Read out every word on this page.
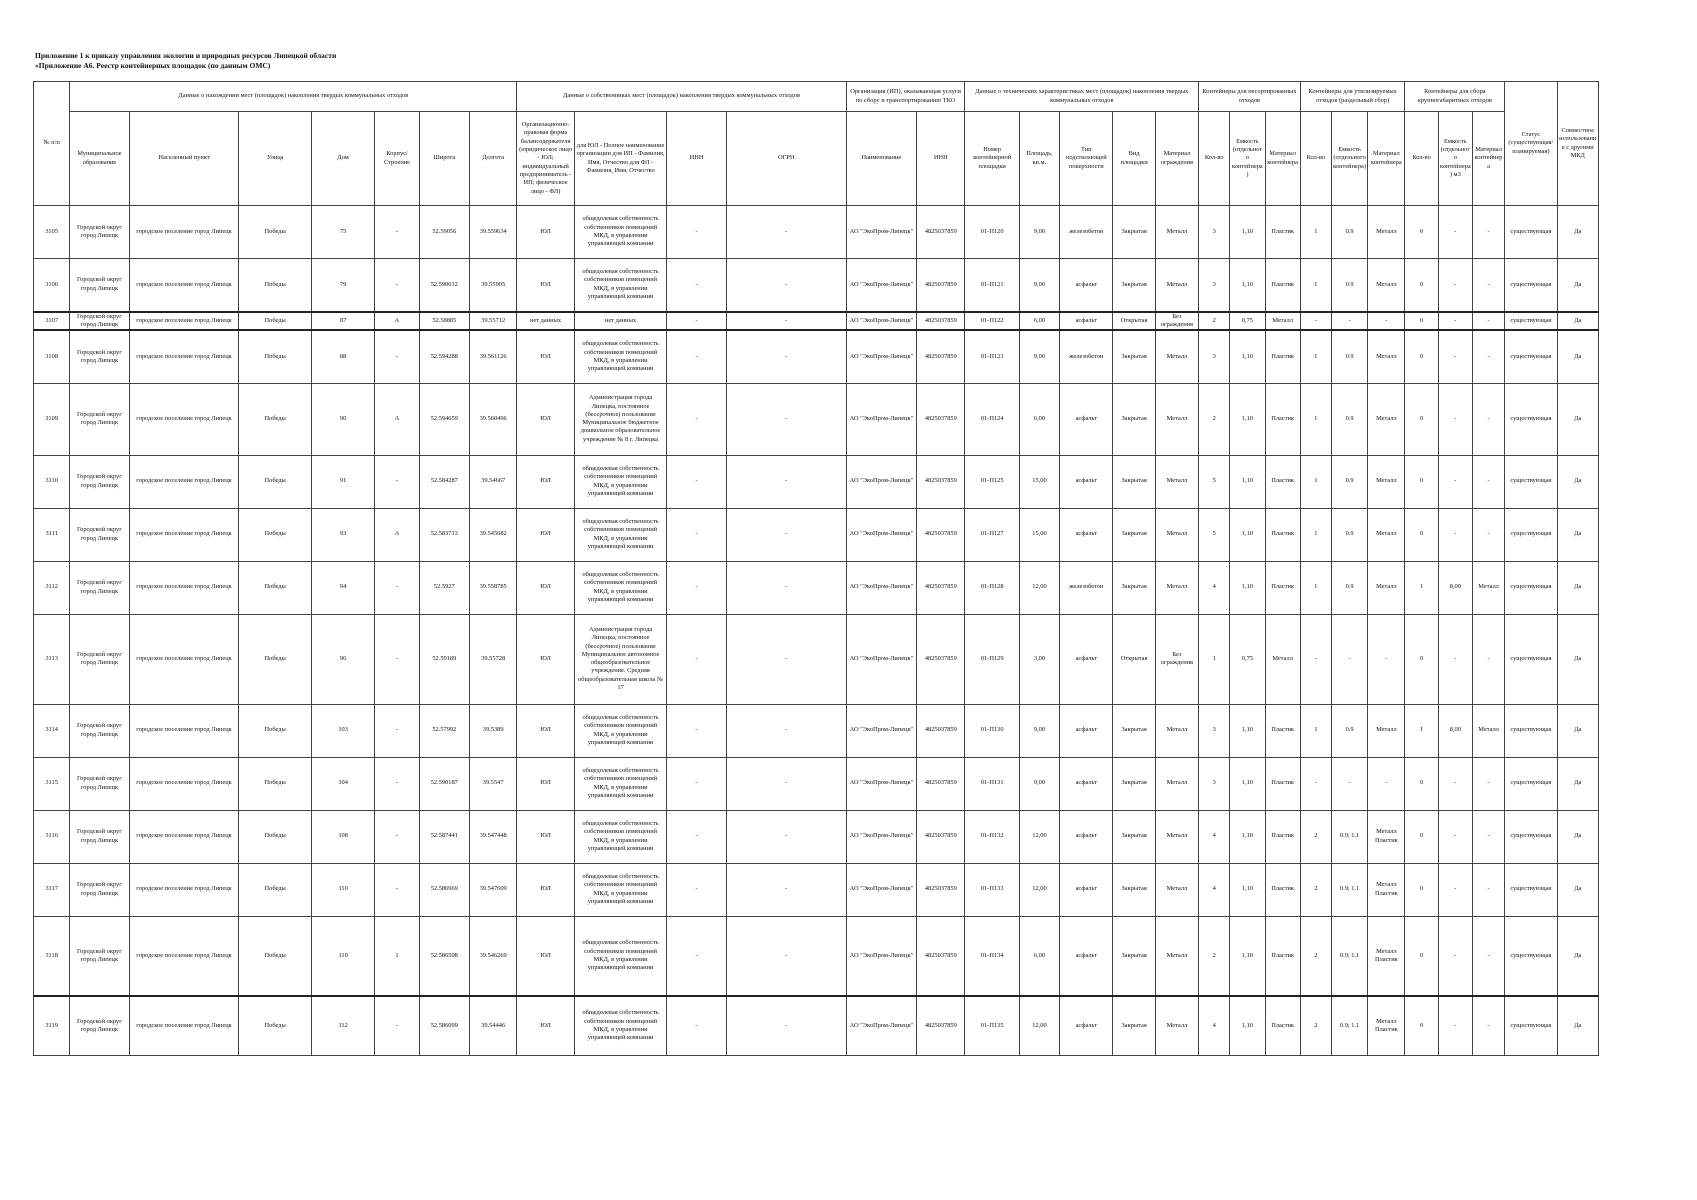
Приложение 1 к приказу управления экологии и природных ресурсов Липецкой области
«Приложение А6. Реестр контейнерных площадок (по данным ОМС)
№ п/п	Данные о нахождении мест (площадок) накопления твердых коммунальных отходов							Данные о собственниках мест (площадок) накопления твердых коммунальных отходов				Организация (ИП), оказывающая услуги по сбору и транспортированию ТКО		Данные о технических характеристиках мест (площадок) накопления твердых коммунальных отходов					Контейнеры для несортированных отходов			Контейнеры для утилизируемых отходов (раздельный сбор)			Контейнеры для сбора крупногабаритных отходов			Статус (существующая/планируемая)	Совместное использование с другими МКД
	Муниципальное образование	Населенный пункт	Улица	Дом	Корпус/Строение	Широта	Долгота	Организационно-правовая форма балансодержателя (юридическое лицо - ЮЛ; индивидуальный предприниматель - ИП; физическое лицо - ФЛ)	для ЮЛ - Полное наименование организации для ИП - Фамилия, Имя, Отчество для ФЛ - Фамилия, Имя, Отчество	ИНН	ОГРН	Наименование	ИНН	Номер контейнерной площадки	Площадь, кв.м.	Тип подстилающей поверхности	Вид площадки	Материал ограждения	Кол-во	Емкость (отдельного контейнера)	Материал контейнера	Кол-во	Емкость (отдельного контейнера)	Материал контейнера	Кол-во	Емкость (отдельного контейнера) м3	Материал контейнера		
3105	Городской округ город Липецк	городское поселение город Липецк	Победы	75	-	52.59056	39.559634	ЮЛ	общедолевая собственность собственников помещений МКД, в управлении управляющей компании	-	-	АО "ЭкоПром-Липецк"	4825037859	01-П120	9,00	железобетон	Закрытая	Металл	3	1,10	Пластик	1	0.9	Металл	0	-	-	существующая	Да
3106	Городской округ город Липецк	городское поселение город Липецк	Победы	79	-	52.590012	39.55905	ЮЛ	общедолевая собственность собственников помещений МКД, в управлении управляющей компании	-	-	АО "ЭкоПром-Липецк"	4825037859	01-П121	9,00	асфальт	Закрытая	Металл	3	1,10	Пластик	1	0.9	Металл	0	-	-	существующая	Да
3107	Городской округ город Липецк	городское поселение город Липецк	Победы	87	А	52.58885	39.55712	нет данных	нет данных	-	-	АО "ЭкоПром-Липецк"	4825037859	01-П122	6,00	асфальт	Открытая	Без ограждения	2	0,75	Металл	-	-	-	0	-	-	существующая	Да
3108	Городской округ город Липецк	городское поселение город Липецк	Победы	88	-	52.594288	39.561126	ЮЛ	общедолевая собственность собственников помещений МКД, в управлении управляющей компании	-	-	АО "ЭкоПром-Липецк"	4825037859	01-П123	9,00	железобетон	Закрытая	Металл	3	1,10	Пластик	1	0.9	Металл	0	-	-	существующая	Да
3109	Городской округ город Липецк	городское поселение город Липецк	Победы	90	А	52.594659	39.560496	ЮЛ	Администрация города Липецка, постоянное (бессрочное) пользование Муниципальное бюджетное дошкольное образовательное учреждение № 8 г. Липецка	-	-	АО "ЭкоПром-Липецк"	4825037859	01-П124	6,00	асфальт	Закрытая	Металл	2	1,10	Пластик	1	0.9	Металл	0	-	-	существующая	Да
3110	Городской округ город Липецк	городское поселение город Липецк	Победы	91	-	52.584287	39.54667	ЮЛ	общедолевая собственность собственников помещений МКД, в управлении управляющей компании	-	-	АО "ЭкоПром-Липецк"	4825037859	01-П125	15,00	асфальт	Закрытая	Металл	5	1,10	Пластик	1	0.9	Металл	0	-	-	существующая	Да
3111	Городской округ город Липецк	городское поселение город Липецк	Победы	93	А	52.583713	39.545682	ЮЛ	общедолевая собственность собственников помещений МКД, в управлении управляющей компании	-	-	АО "ЭкоПром-Липецк"	4825037859	01-П127	15,00	асфальт	Закрытая	Металл	5	1,10	Пластик	1	0.9	Металл	0	-	-	существующая	Да
3112	Городской округ город Липецк	городское поселение город Липецк	Победы	94	-	52.5927	39.558785	ЮЛ	общедолевая собственность собственников помещений МКД, в управлении управляющей компании	-	-	АО "ЭкоПром-Липецк"	4825037859	01-П128	12,00	железобетон	Закрытая	Металл	4	1,10	Пластик	1	0.9	Металл	1	8,00	Металл	существующая	Да
3113	Городской округ город Липецк	городское поселение город Липецк	Победы	96	-	52.59189	39.55728	ЮЛ	Администрация города Липецка, постоянное (бессрочное) пользование Муниципальное автономное общеобразовательное учреждение. Средняя общеобразовательная школа № 17	-	-	АО "ЭкоПром-Липецк"	4825037859	01-П129	3,00	асфальт	Открытая	Без ограждения	1	0,75	Металл	-	-	-	0	-	-	существующая	Да
3114	Городской округ город Липецк	городское поселение город Липецк	Победы	103	-	52.57992	39.5389	ЮЛ	общедолевая собственность собственников помещений МКД, в управлении управляющей компании	-	-	АО "ЭкоПром-Липецк"	4825037859	01-П130	9,00	асфальт	Закрытая	Металл	3	1,10	Пластик	1	0.9	Металл	1	8,00	Металл	существующая	Да
3115	Городской округ город Липецк	городское поселение город Липецк	Победы	104	-	52.590187	39.5547	ЮЛ	общедолевая собственность собственников помещений МКД, в управлении управляющей компании	-	-	АО "ЭкоПром-Липецк"	4825037859	01-П131	9,00	асфальт	Закрытая	Металл	3	1,10	Пластик	-	-	-	0	-	-	существующая	Да
3116	Городской округ город Липецк	городское поселение город Липецк	Победы	108	-	52.587441	39.547448	ЮЛ	общедолевая собственность собственников помещений МКД, в управлении управляющей компании	-	-	АО "ЭкоПром-Липецк"	4825037859	01-П132	12,00	асфальт	Закрытая	Металл	4	1,10	Пластик	2	0.9; 1.1	Металл Пластик	0	-	-	существующая	Да
3117	Городской округ город Липецк	городское поселение город Липецк	Победы	110	-	52.586969	39.547609	ЮЛ	общедолевая собственность собственников помещений МКД, в управлении управляющей компании	-	-	АО "ЭкоПром-Липецк"	4825037859	01-П133	12,00	асфальт	Закрытая	Металл	4	1,10	Пластик	2	0.9; 1.1	Металл Пластик	0	-	-	существующая	Да
3118	Городской округ город Липецк	городское поселение город Липецк	Победы	110	1	52.586508	39.546269	ЮЛ	общедолевая собственность собственников помещений МКД, в управлении управляющей компании	-	-	АО "ЭкоПром-Липецк"	4825037859	01-П134	6,00	асфальт	Закрытая	Металл	2	1,10	Пластик	2	0.9; 1.1	Металл Пластик	0	-	-	существующая	Да
3119	Городской округ город Липецк	городское поселение город Липецк	Победы	112	-	52.586099	39.54446	ЮЛ	общедолевая собственность собственников помещений МКД, в управлении управляющей компании	-	-	АО "ЭкоПром-Липецк"	4825037859	01-П135	12,00	асфальт	Закрытая	Металл	4	1,10	Пластик	2	0.9; 1.1	Металл Пластик	0	-	-	существующая	Да
